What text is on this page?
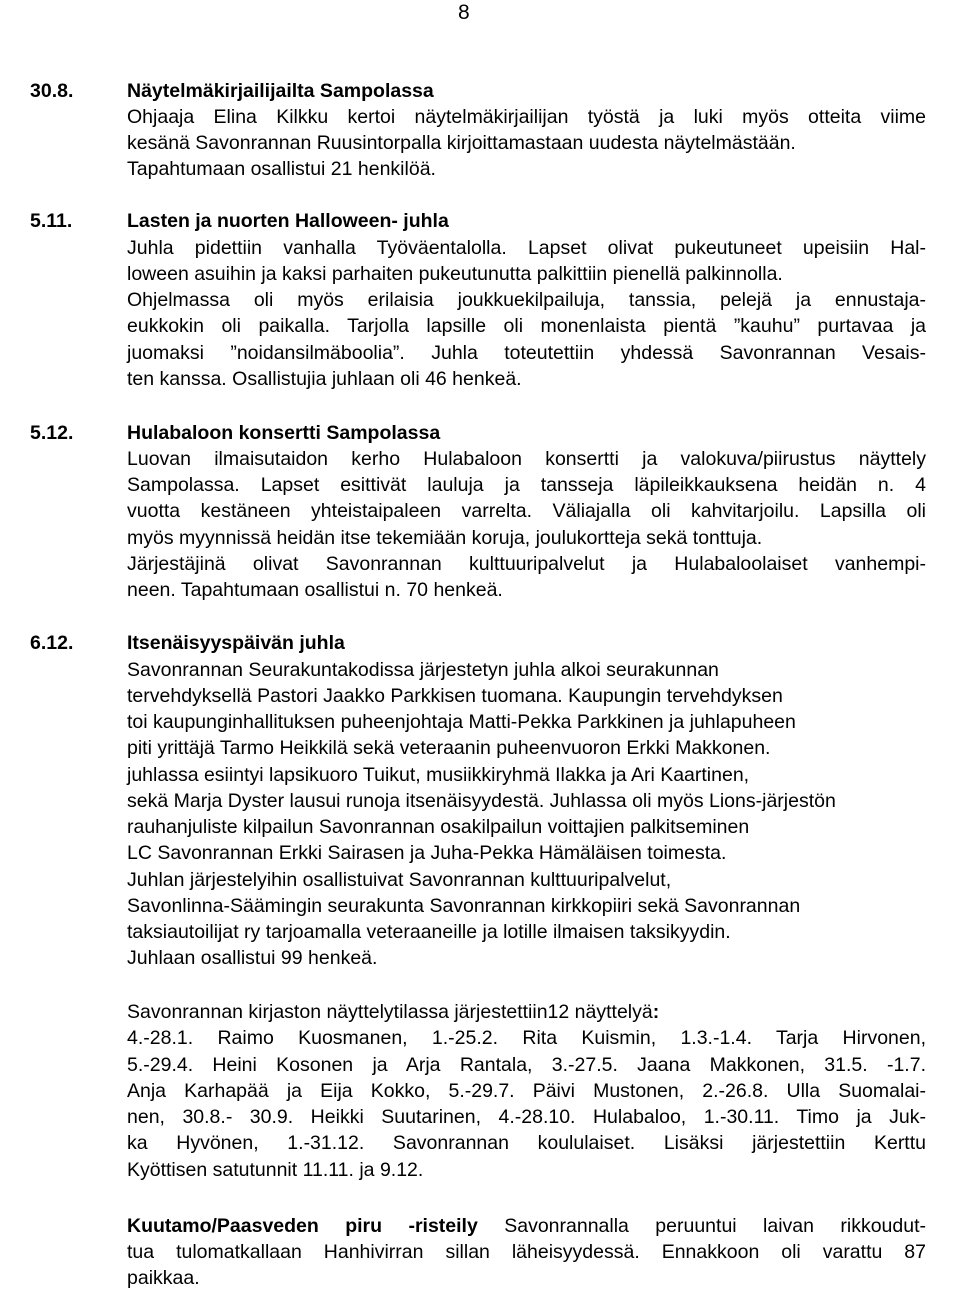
8
30.8.	Näytelmäkirjailijailta Sampolassa
Ohjaaja Elina Kilkku kertoi näytelmäkirjailijan työstä ja luki myös otteita viime
kesänä Savonrannan Ruusintorpalla kirjoittamastaan uudesta näytelmästään.
Tapahtumaan osallistui 21 henkilöä.
5.11.	Lasten ja nuorten Halloween- juhla
Juhla pidettiin vanhalla Työväentalolla. Lapset olivat pukeutuneet upeisiin Hal-
loween asuihin ja kaksi parhaiten pukeutunutta palkittiin pienellä palkinnolla.
Ohjelmassa oli myös erilaisia joukkuekilpailuja, tanssia, pelejä ja ennustaja-
eukkokin oli paikalla. Tarjolla lapsille oli monenlaista pientä ”kauhu” purtavaa ja
juomaksi ”noidansilmäboolia”. Juhla toteutettiin yhdessä Savonrannan Vesais-
ten kanssa. Osallistujia juhlaan oli 46 henkeä.
5.12.	Hulabaloon konsertti Sampolassa
Luovan ilmaisutaidon kerho Hulabaloon konsertti ja valokuva/piirustus näyttely
Sampolassa. Lapset esittivät lauluja ja tansseja läpileikkauksena heidän n. 4
vuotta kestäneen yhteistaipaleen varrelta. Väliajalla oli kahvitarjoilu. Lapsilla oli
myös myynnissä heidän itse tekemiään koruja, joulukortteja sekä tonttuja.
Järjestäjinä olivat Savonrannan kulttuuripalvelut ja Hulabaloolaiset vanhempi-
neen. Tapahtumaan osallistui n. 70 henkeä.
6.12.	Itsenäisyyspäivän juhla
Savonrannan Seurakuntakodissa järjestetyn juhla alkoi seurakunnan
tervehdyksellä Pastori Jaakko Parkkisen tuomana. Kaupungin tervehdyksen
toi kaupunginhallituksen puheenjohtaja Matti-Pekka Parkkinen ja juhlapuheen
piti yrittäjä Tarmo Heikkilä sekä veteraanin puheenvuoron Erkki Makkonen.
juhlassa esiintyi lapsikuoro Tuikut, musiikkiryhmä Ilakka ja Ari Kaartinen,
sekä Marja Dyster lausui runoja itsenäisyydestä. Juhlassa oli myös Lions-järjestön
rauhanjuliste kilpailun Savonrannan osakilpailun voittajien palkitseminen
LC Savonrannan Erkki Sairasen ja Juha-Pekka Hämäläisen toimesta.
Juhlan järjestelyihin osallistuivat Savonrannan kulttuuripalvelut,
Savonlinna-Säämingin seurakunta Savonrannan kirkkopiiri sekä Savonrannan
taksiautoilijat ry tarjoamalla veteraaneille ja lotille ilmaisen taksikyydin.
Juhlaan osallistui 99 henkeä.
Savonrannan kirjaston näyttelytilassa järjestettiin12 näyttelyä:
4.-28.1. Raimo Kuosmanen, 1.-25.2. Rita Kuismin, 1.3.-1.4. Tarja Hirvonen,
5.-29.4. Heini Kosonen ja Arja Rantala, 3.-27.5. Jaana Makkonen, 31.5. -1.7.
Anja Karhapää ja Eija Kokko, 5.-29.7. Päivi Mustonen, 2.-26.8. Ulla Suomalai-
nen, 30.8.- 30.9. Heikki Suutarinen, 4.-28.10. Hulabaloo, 1.-30.11. Timo ja Juk-
ka Hyvönen, 1.-31.12. Savonrannan koululaiset. Lisäksi järjestettiin Kerttu
Kyöttisen satutunnit 11.11. ja 9.12.
Kuutamo/Paasveden piru -risteily Savonrannalla peruuntui laivan rikkoudut-
tua tulomatkallaan Hanhivirran sillan läheisyydessä. Ennakkoon oli varattu 87
paikkaa.
